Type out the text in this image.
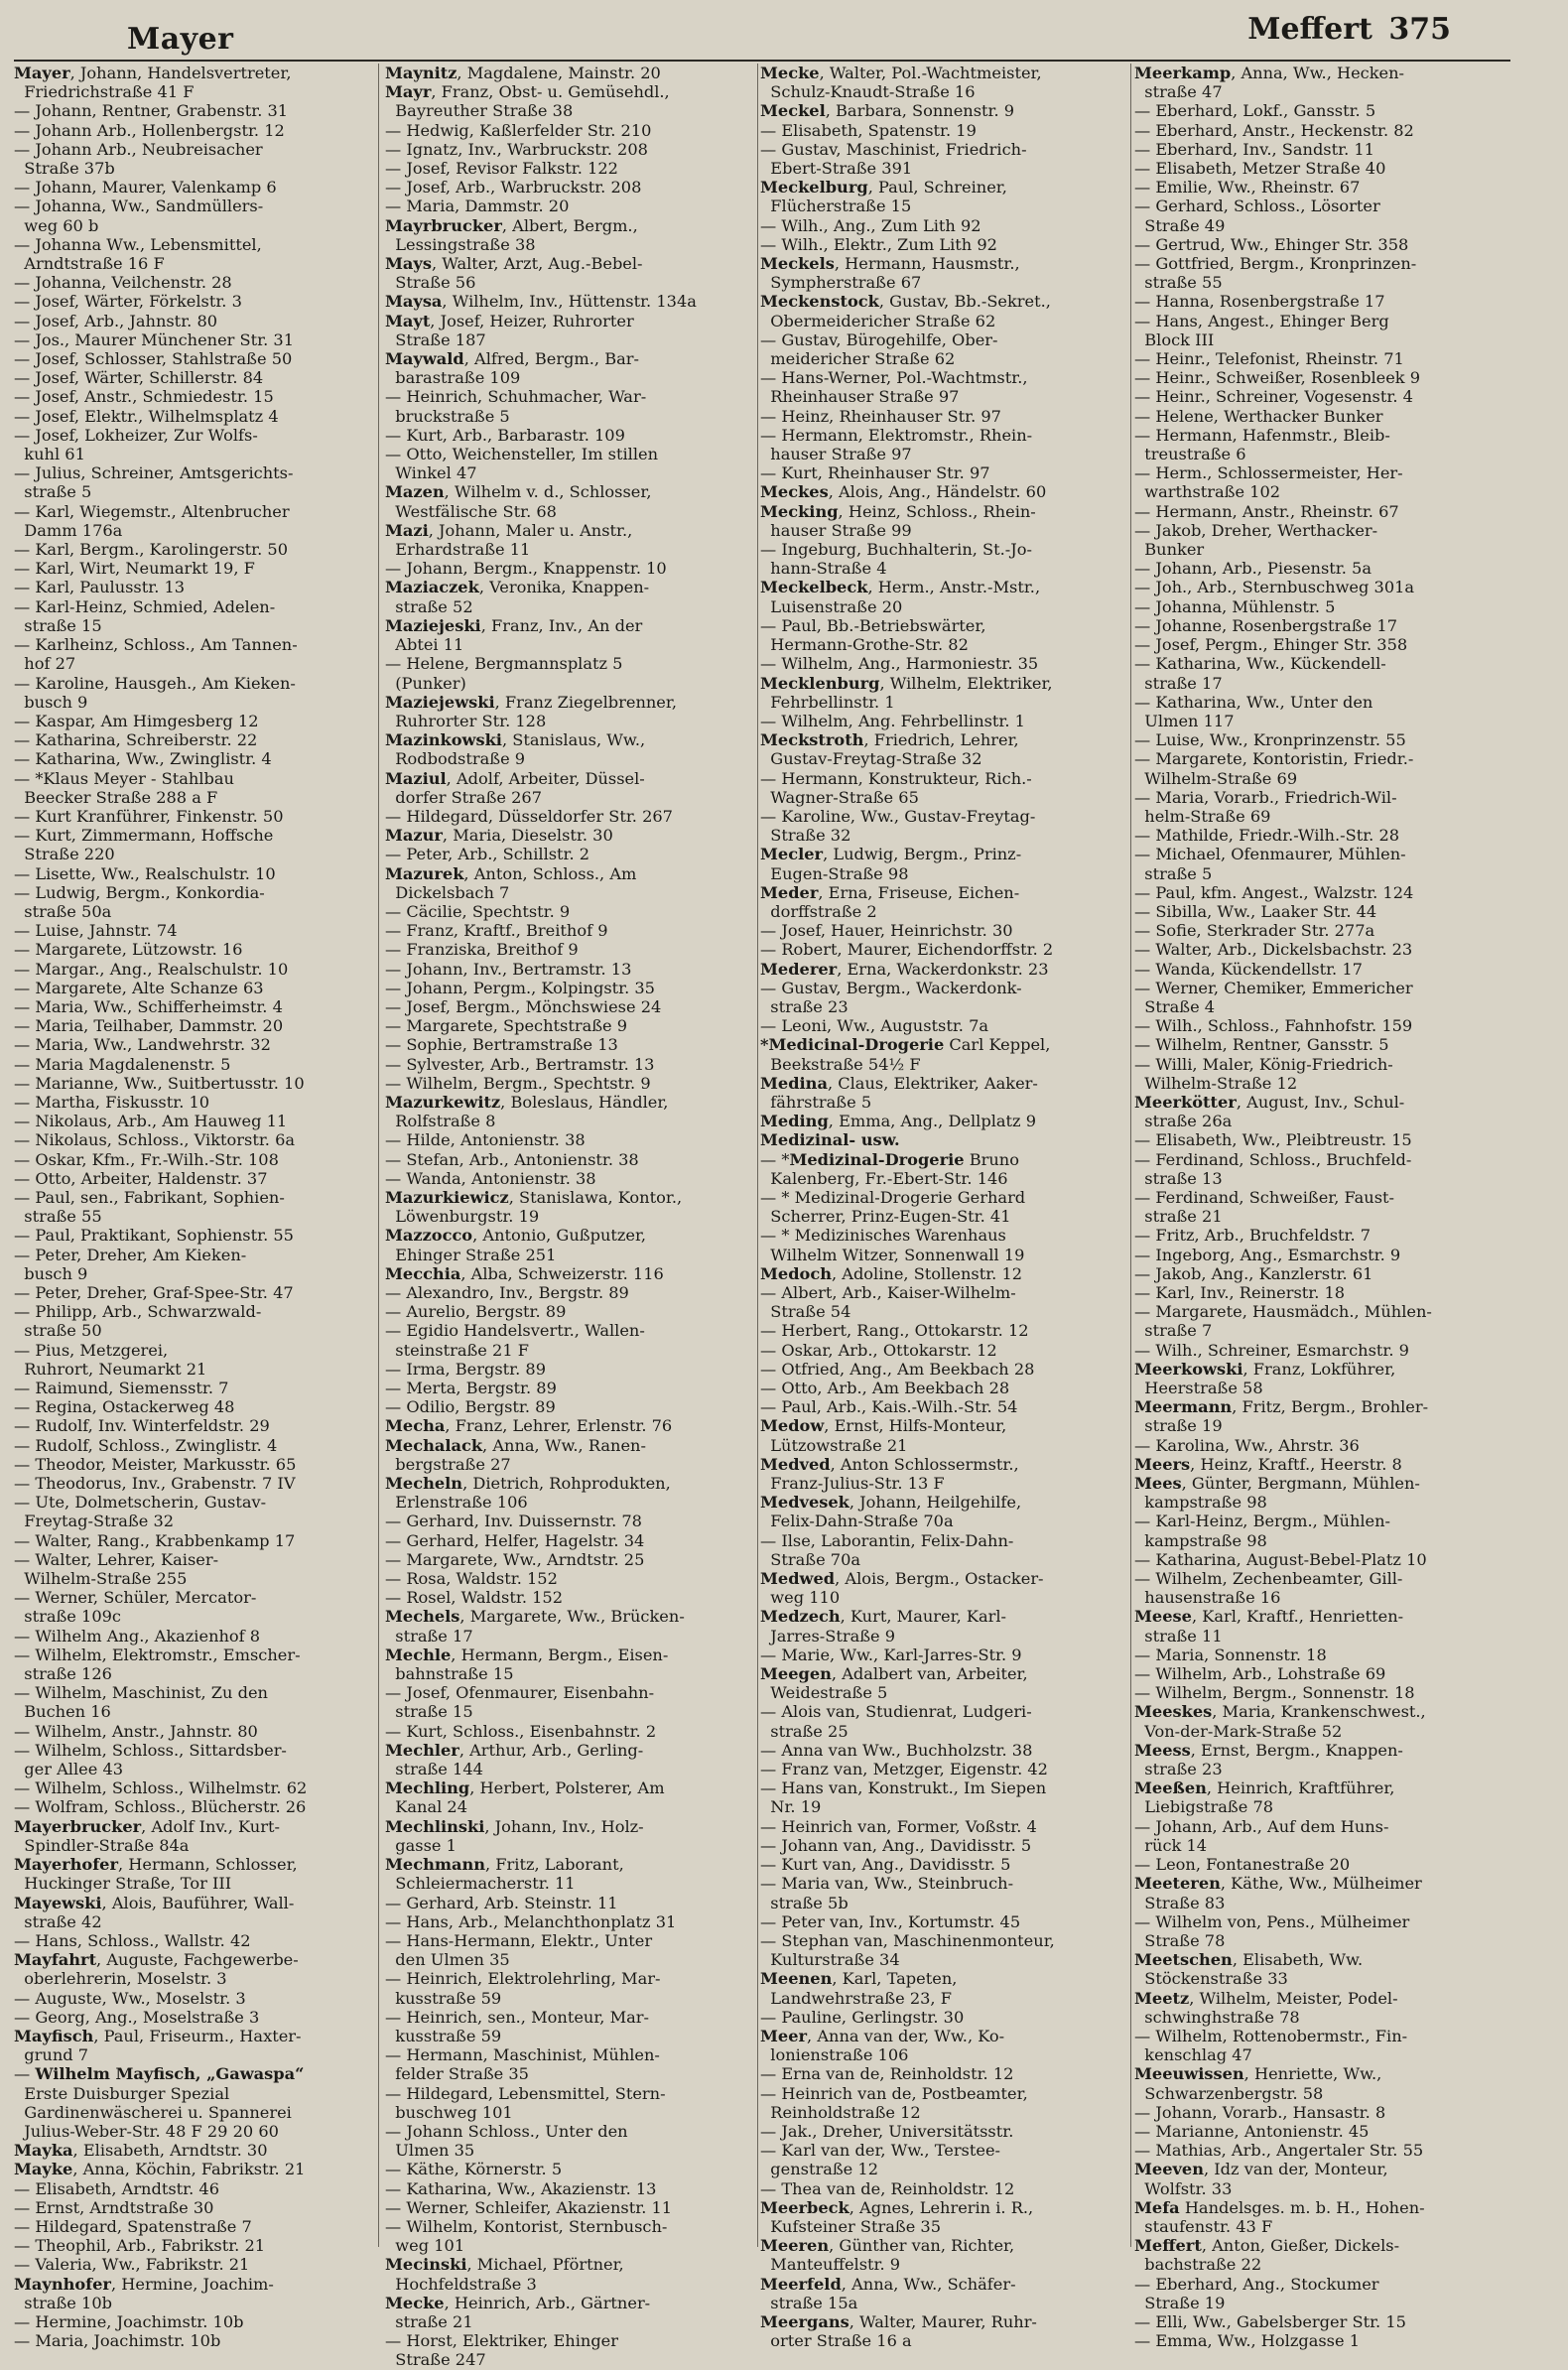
Mayer	Meffert 375
Mayer, Johann, Handelsvertreter,
Friedrichstraße 41 F
— Johann, Rentner, Grabenstr. 31
— Johann Arb., Hollenbergstr. 12
— Johann Arb., Neubreisacher
Straße 37b
— Johann, Maurer, Valenkamp 6
— Johanna, Ww., Sandmüllers-
weg 60 b
— Johanna Ww., Lebensmittel,
Arndtstraße 16 F
— Johanna, Veilchenstr. 28
— Josef, Wärter, Förkelstr. 3
— Josef, Arb., Jahnstr. 80
— Jos., Maurer Münchener Str. 31
— Josef, Schlosser, Stahlstraße 50
— Josef, Wärter, Schillerstr. 84
— Josef, Anstr., Schmiedestr. 15
— Josef, Elektr., Wilhelmsplatz 4
— Josef, Lokheizer, Zur Wolfs-
kuhl 61
— Julius, Schreiner, Amtsgerichts-
straße 5
— Karl, Wiegemstr., Altenbrucher
Damm 176a
— Karl, Bergm., Karolingerstr. 50
— Karl, Wirt, Neumarkt 19, F
— Karl, Paulusstr. 13
— Karl-Heinz, Schmied, Adelen-
straße 15
— Karlheinz, Schloss., Am Tannen-
hof 27
— Karoline, Hausgeh., Am Kieken-
busch 9
— Kaspar, Am Himgesberg 12
— Katharina, Schreiberstr. 22
— Katharina, Ww., Zwinglistr. 4
— *Klaus Meyer - Stahlbau
Beecker Straße 288 a F
— Kurt Kranführer, Finkenstr. 50
— Kurt, Zimmermann, Hoffsche
Straße 220
— Lisette, Ww., Realschulstr. 10
— Ludwig, Bergm., Konkordia-
straße 50a
— Luise, Jahnstr. 74
— Margarete, Lützowstr. 16
— Margar., Ang., Realschulstr. 10
— Margarete, Alte Schanze 63
— Maria, Ww., Schifferheimstr. 4
— Maria, Teilhaber, Dammstr. 20
— Maria, Ww., Landwehrstr. 32
— Maria Magdalenenstr. 5
— Marianne, Ww., Suitbertusstr. 10
— Martha, Fiskusstr. 10
— Nikolaus, Arb., Am Hauweg 11
— Nikolaus, Schloss., Viktorstr. 6a
— Oskar, Kfm., Fr.-Wilh.-Str. 108
— Otto, Arbeiter, Haldenstr. 37
— Paul, sen., Fabrikant, Sophien-
straße 55
— Paul, Praktikant, Sophienstr. 55
— Peter, Dreher, Am Kieken-
busch 9
— Peter, Dreher, Graf-Spee-Str. 47
— Philipp, Arb., Schwarzwald-
straße 50
— Pius, Metzgerei,
Ruhrort, Neumarkt 21
— Raimund, Siemensstr. 7
— Regina, Ostackerweg 48
— Rudolf, Inv. Winterfeldstr. 29
— Rudolf, Schloss., Zwinglistr. 4
— Theodor, Meister, Markusstr. 65
— Theodorus, Inv., Grabenstr. 7 IV
— Ute, Dolmetscherin, Gustav-
Freytag-Straße 32
— Walter, Rang., Krabbenkamp 17
— Walter, Lehrer, Kaiser-
Wilhelm-Straße 255
— Werner, Schüler, Mercator-
straße 109c
— Wilhelm Ang., Akazienhof 8
— Wilhelm, Elektromstr., Emscher-
straße 126
— Wilhelm, Maschinist, Zu den
Buchen 16
— Wilhelm, Anstr., Jahnstr. 80
— Wilhelm, Schloss., Sittardsber-
ger Allee 43
— Wilhelm, Schloss., Wilhelmstr. 62
— Wolfram, Schloss., Blücherstr. 26
Mayerbrucker, Adolf Inv., Kurt-
Spindler-Straße 84a
Mayerhofer, Hermann, Schlosser,
Huckinger Straße, Tor III
Mayewski, Alois, Bauführer, Wall-
straße 42
— Hans, Schloss., Wallstr. 42
Mayfahrt, Auguste, Fachgewerbe-
oberlehrerin, Moselstr. 3
— Auguste, Ww., Moselstr. 3
— Georg, Ang., Moselstraße 3
Mayfisch, Paul, Friseurm., Haxter-
grund 7
— Wilhelm Mayfisch, „Gawaspa“
Erste Duisburger Spezial
Gardinenwäscherei u. Spannerei
Julius-Weber-Str. 48 F 29 20 60
Mayka, Elisabeth, Arndtstr. 30
Mayke, Anna, Köchin, Fabrikstr. 21
— Elisabeth, Arndtstr. 46
— Ernst, Arndtstraße 30
— Hildegard, Spatenstraße 7
— Theophil, Arb., Fabrikstr. 21
— Valeria, Ww., Fabrikstr. 21
Maynhofer, Hermine, Joachim-
straße 10b
— Hermine, Joachimstr. 10b
— Maria, Joachimstr. 10b
Maynitz, Magdalene, Mainstr. 20
Mayr, Franz, Obst- u. Gemüsehdl.,
Bayreuther Straße 38
— Hedwig, Kaßlerfelder Str. 210
— Ignatz, Inv., Warbruckstr. 208
— Josef, Revisor Falkstr. 122
— Josef, Arb., Warbruckstr. 208
— Maria, Dammstr. 20
Mayrbrucker, Albert, Bergm.,
Lessingstraße 38
Mays, Walter, Arzt, Aug.-Bebel-
Straße 56
Maysa, Wilhelm, Inv., Hüttenstr. 134a
Mayt, Josef, Heizer, Ruhrorter
Straße 187
Maywald, Alfred, Bergm., Bar-
barastraße 109
— Heinrich, Schuhmacher, War-
bruckstraße 5
— Kurt, Arb., Barbarastr. 109
— Otto, Weichensteller, Im stillen
Winkel 47
Mazen, Wilhelm v. d., Schlosser,
Westfälische Str. 68
Mazi, Johann, Maler u. Anstr.,
Erhardstraße 11
— Johann, Bergm., Knappenstr. 10
Maziaczek, Veronika, Knappen-
straße 52
Maziejeski, Franz, Inv., An der
Abtei 11
— Helene, Bergmannsplatz 5
(Punker)
Maziejewski, Franz Ziegelbrenner,
Ruhrorter Str. 128
Mazinkowski, Stanislaus, Ww.,
Rodbodstraße 9
Maziul, Adolf, Arbeiter, Düssel-
dorfer Straße 267
— Hildegard, Düsseldorfer Str. 267
Mazur, Maria, Dieselstr. 30
— Peter, Arb., Schillstr. 2
Mazurek, Anton, Schloss., Am
Dickelsbach 7
— Cäcilie, Spechtstr. 9
— Franz, Kraftf., Breithof 9
— Franziska, Breithof 9
— Johann, Inv., Bertramstr. 13
— Johann, Pergm., Kolpingstr. 35
— Josef, Bergm., Mönchswiese 24
— Margarete, Spechtstraße 9
— Sophie, Bertramstraße 13
— Sylvester, Arb., Bertramstr. 13
— Wilhelm, Bergm., Spechtstr. 9
Mazurkewitz, Boleslaus, Händler,
Rolfstraße 8
— Hilde, Antonienstr. 38
— Stefan, Arb., Antonienstr. 38
— Wanda, Antonienstr. 38
Mazurkiewicz, Stanislawa, Kontor.,
Löwenburgstr. 19
Mazzocco, Antonio, Gußputzer,
Ehinger Straße 251
Mecchia, Alba, Schweizerstr. 116
— Alexandro, Inv., Bergstr. 89
— Aurelio, Bergstr. 89
— Egidio Handelsvertr., Wallen-
steinstraße 21 F
— Irma, Bergstr. 89
— Merta, Bergstr. 89
— Odilio, Bergstr. 89
Mecha, Franz, Lehrer, Erlenstr. 76
Mechalack, Anna, Ww., Ranen-
bergstraße 27
Mecheln, Dietrich, Rohprodukten,
Erlenstraße 106
— Gerhard, Inv. Duissernstr. 78
— Gerhard, Helfer, Hagelstr. 34
— Margarete, Ww., Arndtstr. 25
— Rosa, Waldstr. 152
— Rosel, Waldstr. 152
Mechels, Margarete, Ww., Brücken-
straße 17
Mechle, Hermann, Bergm., Eisen-
bahnstraße 15
— Josef, Ofenmaurer, Eisenbahn-
straße 15
— Kurt, Schloss., Eisenbahnstr. 2
Mechler, Arthur, Arb., Gerling-
straße 144
Mechling, Herbert, Polsterer, Am
Kanal 24
Mechlinski, Johann, Inv., Holz-
gasse 1
Mechmann, Fritz, Laborant,
Schleiermacherstr. 11
— Gerhard, Arb. Steinstr. 11
— Hans, Arb., Melanchthonplatz 31
— Hans-Hermann, Elektr., Unter
den Ulmen 35
— Heinrich, Elektrolehrling, Mar-
kusstraße 59
— Heinrich, sen., Monteur, Mar-
kusstraße 59
— Hermann, Maschinist, Mühlen-
felder Straße 35
— Hildegard, Lebensmittel, Stern-
buschweg 101
— Johann Schloss., Unter den
Ulmen 35
— Käthe, Körnerstr. 5
— Katharina, Ww., Akazienstr. 13
— Werner, Schleifer, Akazienstr. 11
— Wilhelm, Kontorist, Sternbusch-
weg 101
Mecinski, Michael, Pförtner,
Hochfeldstraße 3
Mecke, Heinrich, Arb., Gärtner-
straße 21
— Horst, Elektriker, Ehinger
Straße 247
Mecke, Walter, Pol.-Wachtmeister,
Schulz-Knaudt-Straße 16
Meckel, Barbara, Sonnenstr. 9
— Elisabeth, Spatenstr. 19
— Gustav, Maschinist, Friedrich-
Ebert-Straße 391
Meckelburg, Paul, Schreiner,
Flücherstraße 15
— Wilh., Ang., Zum Lith 92
— Wilh., Elektr., Zum Lith 92
Meckels, Hermann, Hausmstr.,
Sympherstraße 67
Meckenstock, Gustav, Bb.-Sekret.,
Obermeidericher Straße 62
— Gustav, Bürogehilfe, Ober-
meidericher Straße 62
— Hans-Werner, Pol.-Wachtmstr.,
Rheinhauser Straße 97
— Heinz, Rheinhauser Str. 97
— Hermann, Elektromstr., Rhein-
hauser Straße 97
— Kurt, Rheinhauser Str. 97
Meckes, Alois, Ang., Händelstr. 60
Mecking, Heinz, Schloss., Rhein-
hauser Straße 99
— Ingeburg, Buchhalterin, St.-Jo-
hann-Straße 4
Meckelbeck, Herm., Anstr.-Mstr.,
Luisenstraße 20
— Paul, Bb.-Betriebswärter,
Hermann-Grothe-Str. 82
— Wilhelm, Ang., Harmoniestr. 35
Mecklenburg, Wilhelm, Elektriker,
Fehrbellinstr. 1
— Wilhelm, Ang. Fehrbellinstr. 1
Meckstroth, Friedrich, Lehrer,
Gustav-Freytag-Straße 32
— Hermann, Konstrukteur, Rich.-
Wagner-Straße 65
— Karoline, Ww., Gustav-Freytag-
Straße 32
Mecler, Ludwig, Bergm., Prinz-
Eugen-Straße 98
Meder, Erna, Friseuse, Eichen-
dorffstraße 2
— Josef, Hauer, Heinrichstr. 30
— Robert, Maurer, Eichendorffstr. 2
Mederer, Erna, Wackerdonkstr. 23
— Gustav, Bergm., Wackerdonk-
straße 23
— Leoni, Ww., Auguststr. 7a
*Medicinal-Drogerie Carl Keppel,
Beekstraße 54½ F
Medina, Claus, Elektriker, Aaker-
fährstraße 5
Meding, Emma, Ang., Dellplatz 9
Medizinal- usw.
— *Medizinal-Drogerie Bruno
Kalenberg, Fr.-Ebert-Str. 146
— * Medizinal-Drogerie Gerhard
Scherrer, Prinz-Eugen-Str. 41
— * Medizinisches Warenhaus
Wilhelm Witzer, Sonnenwall 19
Medoch, Adoline, Stollenstr. 12
— Albert, Arb., Kaiser-Wilhelm-
Straße 54
— Herbert, Rang., Ottokarstr. 12
— Oskar, Arb., Ottokarstr. 12
— Otfried, Ang., Am Beekbach 28
— Otto, Arb., Am Beekbach 28
— Paul, Arb., Kais.-Wilh.-Str. 54
Medow, Ernst, Hilfs-Monteur,
Lützowstraße 21
Medved, Anton Schlossermstr.,
Franz-Julius-Str. 13 F
Medvesek, Johann, Heilgehilfe,
Felix-Dahn-Straße 70a
— Ilse, Laborantin, Felix-Dahn-
Straße 70a
Medwed, Alois, Bergm., Ostacker-
weg 110
Medzech, Kurt, Maurer, Karl-
Jarres-Straße 9
— Marie, Ww., Karl-Jarres-Str. 9
Meegen, Adalbert van, Arbeiter,
Weidestraße 5
— Alois van, Studienrat, Ludgeri-
straße 25
— Anna van Ww., Buchholzstr. 38
— Franz van, Metzger, Eigenstr. 42
— Hans van, Konstrukt., Im Siepen
Nr. 19
— Heinrich van, Former, Voßstr. 4
— Johann van, Ang., Davidisstr. 5
— Kurt van, Ang., Davidisstr. 5
— Maria van, Ww., Steinbruch-
straße 5b
— Peter van, Inv., Kortumstr. 45
— Stephan van, Maschinenmonteur,
Kulturstraße 34
Meenen, Karl, Tapeten,
Landwehrstraße 23, F
— Pauline, Gerlingstr. 30
Meer, Anna van der, Ww., Ko-
lonienstraße 106
— Erna van de, Reinholdstr. 12
— Heinrich van de, Postbeamter,
Reinholdstraße 12
— Jak., Dreher, Universitätsstr.
— Karl van der, Ww., Terstee-
genstraße 12
— Thea van de, Reinholdstr. 12
Meerbeck, Agnes, Lehrerin i. R.,
Kufsteiner Straße 35
Meeren, Günther van, Richter,
Manteuffelstr. 9
Meerfeld, Anna, Ww., Schäfer-
straße 15a
Meergans, Walter, Maurer, Ruhr-
orter Straße 16 a
Meerkamp, Anna, Ww., Hecken-
straße 47
— Eberhard, Lokf., Gansstr. 5
— Eberhard, Anstr., Heckenstr. 82
— Eberhard, Inv., Sandstr. 11
— Elisabeth, Metzer Straße 40
— Emilie, Ww., Rheinstr. 67
— Gerhard, Schloss., Lösorter
Straße 49
— Gertrud, Ww., Ehinger Str. 358
— Gottfried, Bergm., Kronprinzen-
straße 55
— Hanna, Rosenbergstraße 17
— Hans, Angest., Ehinger Berg
Block III
— Heinr., Telefonist, Rheinstr. 71
— Heinr., Schweißer, Rosenbleek 9
— Heinr., Schreiner, Vogesenstr. 4
— Helene, Werthacker Bunker
— Hermann, Hafenmstr., Bleib-
treustraße 6
— Herm., Schlossermeister, Her-
warthstraße 102
— Hermann, Anstr., Rheinstr. 67
— Jakob, Dreher, Werthacker-
Bunker
— Johann, Arb., Piesenstr. 5a
— Joh., Arb., Sternbuschweg 301a
— Johanna, Mühlenstr. 5
— Johanne, Rosenbergstraße 17
— Josef, Pergm., Ehinger Str. 358
— Katharina, Ww., Kückendell-
straße 17
— Katharina, Ww., Unter den
Ulmen 117
— Luise, Ww., Kronprinzenstr. 55
— Margarete, Kontoristin, Friedr.-
Wilhelm-Straße 69
— Maria, Vorarb., Friedrich-Wil-
helm-Straße 69
— Mathilde, Friedr.-Wilh.-Str. 28
— Michael, Ofenmaurer, Mühlen-
straße 5
— Paul, kfm. Angest., Walzstr. 124
— Sibilla, Ww., Laaker Str. 44
— Sofie, Sterkrader Str. 277a
— Walter, Arb., Dickelsbachstr. 23
— Wanda, Kückendellstr. 17
— Werner, Chemiker, Emmericher
Straße 4
— Wilh., Schloss., Fahnhofstr. 159
— Wilhelm, Rentner, Gansstr. 5
— Willi, Maler, König-Friedrich-
Wilhelm-Straße 12
Meerkötter, August, Inv., Schul-
straße 26a
— Elisabeth, Ww., Pleibtreustr. 15
— Ferdinand, Schloss., Bruchfeld-
straße 13
— Ferdinand, Schweißer, Faust-
straße 21
— Fritz, Arb., Bruchfeldstr. 7
— Ingeborg, Ang., Esmarchstr. 9
— Jakob, Ang., Kanzlerstr. 61
— Karl, Inv., Reinerstr. 18
— Margarete, Hausmädch., Mühlen-
straße 7
— Wilh., Schreiner, Esmarchstr. 9
Meerkowski, Franz, Lokführer,
Heerstraße 58
Meermann, Fritz, Bergm., Brohler-
straße 19
— Karolina, Ww., Ahrstr. 36
Meers, Heinz, Kraftf., Heerstr. 8
Mees, Günter, Bergmann, Mühlen-
kampstraße 98
— Karl-Heinz, Bergm., Mühlen-
kampstraße 98
— Katharina, August-Bebel-Platz 10
— Wilhelm, Zechenbeamter, Gill-
hausenstraße 16
Meese, Karl, Kraftf., Henrietten-
straße 11
— Maria, Sonnenstr. 18
— Wilhelm, Arb., Lohstraße 69
— Wilhelm, Bergm., Sonnenstr. 18
Meeskes, Maria, Krankenschwest.,
Von-der-Mark-Straße 52
Meess, Ernst, Bergm., Knappen-
straße 23
Meeßen, Heinrich, Kraftführer,
Liebigstraße 78
— Johann, Arb., Auf dem Huns-
rück 14
— Leon, Fontanestraße 20
Meeteren, Käthe, Ww., Mülheimer
Straße 83
— Wilhelm von, Pens., Mülheimer
Straße 78
Meetschen, Elisabeth, Ww.
Stöckenstraße 33
Meetz, Wilhelm, Meister, Podel-
schwinghstraße 78
— Wilhelm, Rottenobermstr., Fin-
kenschlag 47
Meeuwissen, Henriette, Ww.,
Schwarzenbergstr. 58
— Johann, Vorarb., Hansastr. 8
— Marianne, Antonienstr. 45
— Mathias, Arb., Angertaler Str. 55
Meeven, Idz van der, Monteur,
Wolfstr. 33
Mefa Handelsges. m. b. H., Hohen-
staufenstr. 43 F
Meffert, Anton, Gießer, Dickels-
bachstraße 22
— Eberhard, Ang., Stockumer
Straße 19
— Elli, Ww., Gabelsberger Str. 15
— Emma, Ww., Holzgasse 1
